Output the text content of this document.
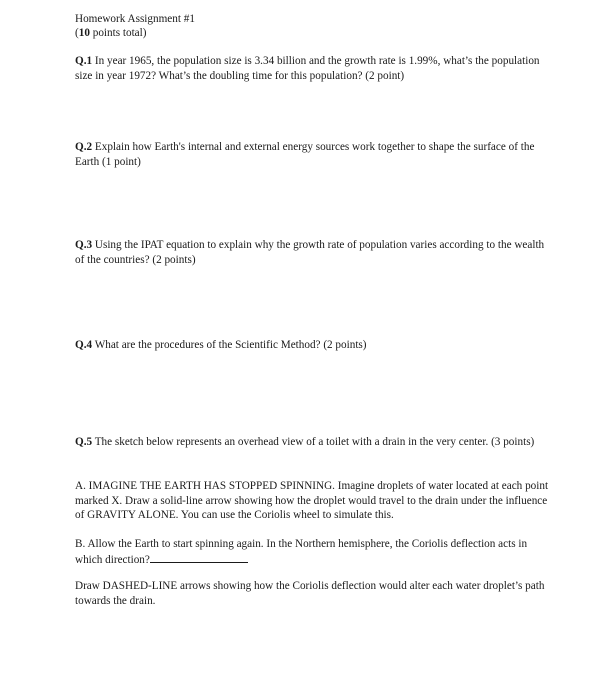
Homework Assignment #1

(10 points total)

Q.1 In year 1965, the population size is 3.34 billion and the growth rate is 1.99%, what’s the population size in year 1972? What’s the doubling time for this population? (2 point)

Q.2 Explain how Earth's internal and external energy sources work together to shape the surface of the Earth (1 point)

Q.3 Using the IPAT equation to explain why the growth rate of population varies according to the wealth of the countries? (2 points)

Q.4 What are the procedures of the Scientific Method? (2 points)

Q.5 The sketch below represents an overhead view of a toilet with a drain in the very center. (3 points)

A. IMAGINE THE EARTH HAS STOPPED SPINNING. Imagine droplets of water located at each point marked X. Draw a solid-line arrow showing how the droplet would travel to the drain under the influence of GRAVITY ALONE. You can use the Coriolis wheel to simulate this.

B. Allow the Earth to start spinning again. In the Northern hemisphere, the Coriolis deflection acts in which direction?

Draw DASHED-LINE arrows showing how the Coriolis deflection would alter each water droplet’s path towards the drain.
